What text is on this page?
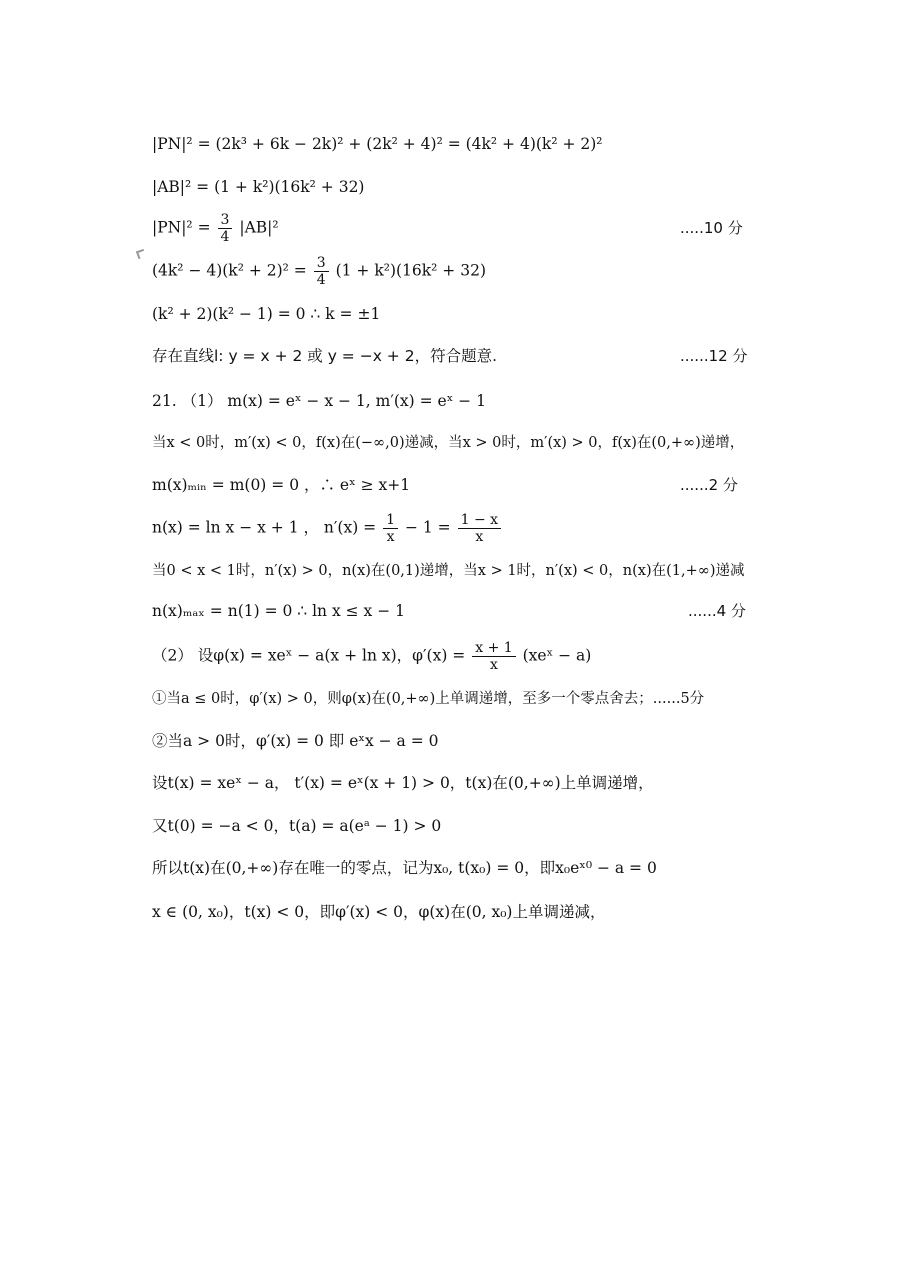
|PN|² = (2k³ + 6k − 2k)² + (2k² + 4)² = (4k² + 4)(k² + 2)²
|AB|² = (1 + k²)(16k² + 32)
$|PN|^2 = \frac{3}{4} |AB|^2$	.....10 分
$(4k^2 - 4)(k^2 + 2)^2 = \frac{3}{4} (1 + k^2)(16k^2 + 32)$
(k² + 2)(k² − 1) = 0 ∴ k = ±1
存在直线l: y = x + 2 或 y = −x + 2，符合题意.	......12 分
21. （1） m(x) = eˣ − x − 1, m′(x) = eˣ − 1
当x < 0时，m′(x) < 0，f(x)在(−∞,0)递减，当x > 0时，m′(x) > 0，f(x)在(0,+∞)递增，
m(x)ₘᵢₙ = m(0) = 0 ，∴ eˣ ≥ x+1	......2 分
n(x) = ln x − x + 1 ， $n'(x) = \frac{1}{x} - 1 = \frac{1 - x}{x}$
当0 < x < 1时，n′(x) > 0，n(x)在(0,1)递增，当x > 1时，n′(x) < 0，n(x)在(1,+∞)递减
n(x)ₘₐₓ = n(1) = 0 ∴ ln x ≤ x − 1	......4 分
（2） 设φ(x) = xeˣ − a(x + ln x)，$\varphi'(x) = \frac{x + 1}{x}$ (xeˣ − a)
①当a ≤ 0时，φ′(x) > 0，则φ(x)在(0,+∞)上单调递增，至多一个零点舍去；......5分
②当a > 0时，φ′(x) = 0 即 eˣx − a = 0
设t(x) = xeˣ − a， t′(x) = eˣ(x + 1) > 0，t(x)在(0,+∞)上单调递增，
又t(0) = −a < 0，t(a) = a(eᵃ − 1) > 0
所以t(x)在(0,+∞)存在唯一的零点，记为x₀, t(x₀) = 0，即x₀eˣ⁰ − a = 0
x ∈ (0, x₀)，t(x) < 0，即φ′(x) < 0，φ(x)在(0, x₀)上单调递减，
